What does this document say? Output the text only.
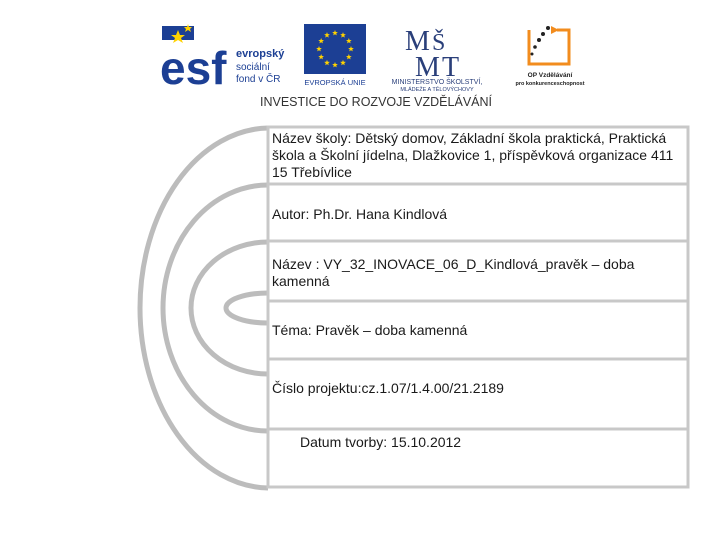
esf evropský
sociální
fond v ČR	EVROPSKÁ UNIE
M Š
M T
MINISTERSTVO ŠKOLSTVÍ,
MLÁDEŽE A TĚLOVÝCHOVY
OP Vzdělávání
pro konkurenceschopnost
INVESTICE DO ROZVOJE VZDĚLÁVÁNÍ
Název školy: Dětský domov, Základní škola praktická, Praktická škola a Školní jídelna, Dlažkovice 1, příspěvková organizace 411 15 Třebívlice
Autor: Ph.Dr. Hana Kindlová
Název : VY_32_INOVACE_06_D_Kindlová_pravěk – doba kamenná
Téma: Pravěk – doba kamenná
Číslo projektu:cz.1.07/1.4.00/21.2189
Datum tvorby: 15.10.2012
